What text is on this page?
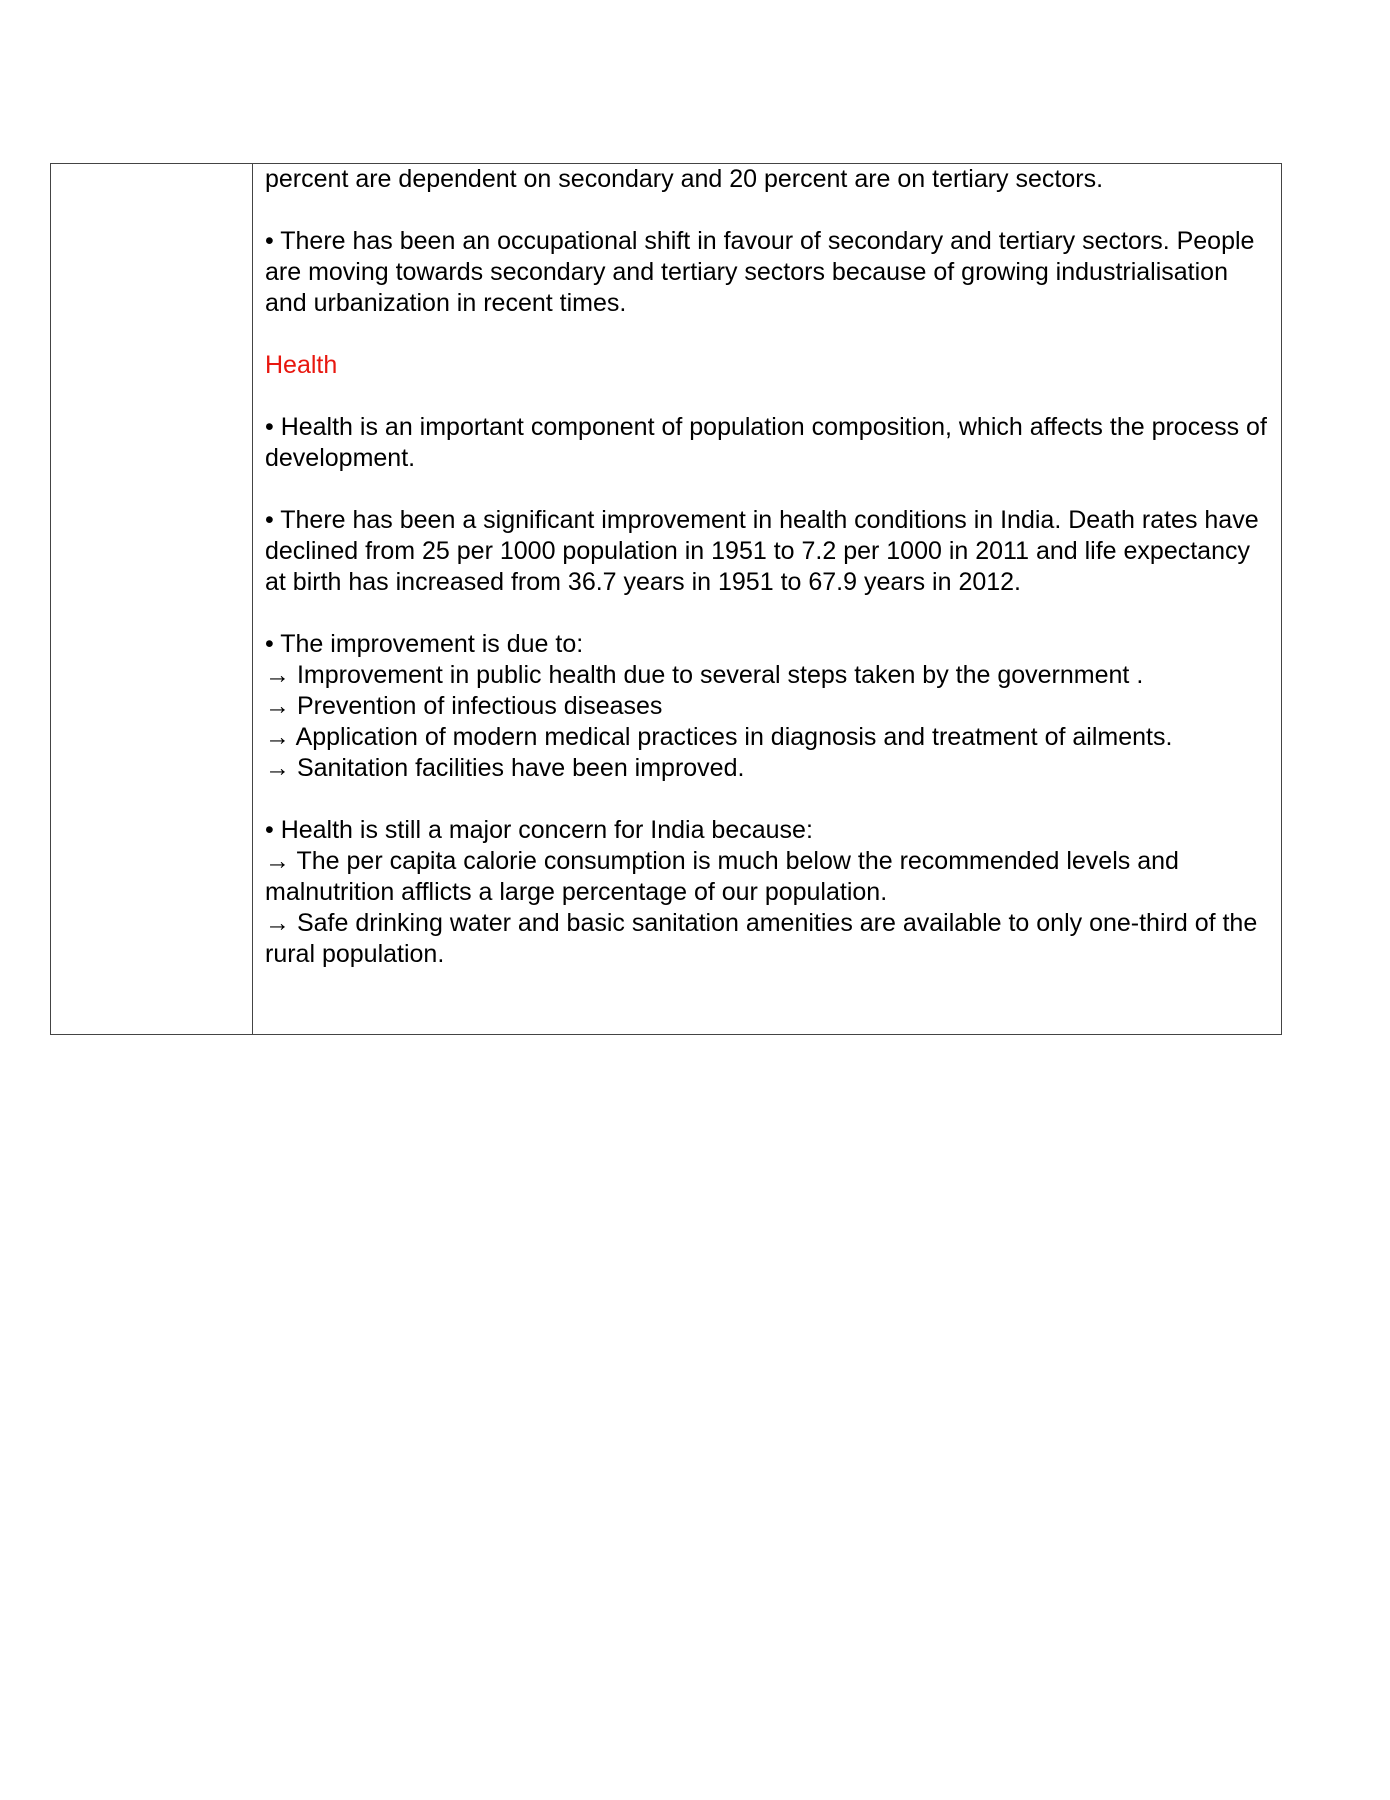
percent are dependent on secondary and 20 percent are on tertiary sectors.

• There has been an occupational shift in favour of secondary and tertiary sectors. People are moving towards secondary and tertiary sectors because of growing industrialisation and urbanization in recent times.

Health

• Health is an important component of population composition, which affects the process of development.

• There has been a significant improvement in health conditions in India. Death rates have declined from 25 per 1000 population in 1951 to 7.2 per 1000 in 2011 and life expectancy at birth has increased from 36.7 years in 1951 to 67.9 years in 2012.

• The improvement is due to:

→ Improvement in public health due to several steps taken by the government .

→ Prevention of infectious diseases

→ Application of modern medical practices in diagnosis and treatment of ailments.

→ Sanitation facilities have been improved.

• Health is still a major concern for India because:

→ The per capita calorie consumption is much below the recommended levels and malnutrition afflicts a large percentage of our population.

→ Safe drinking water and basic sanitation amenities are available to only one-third of the rural population.
